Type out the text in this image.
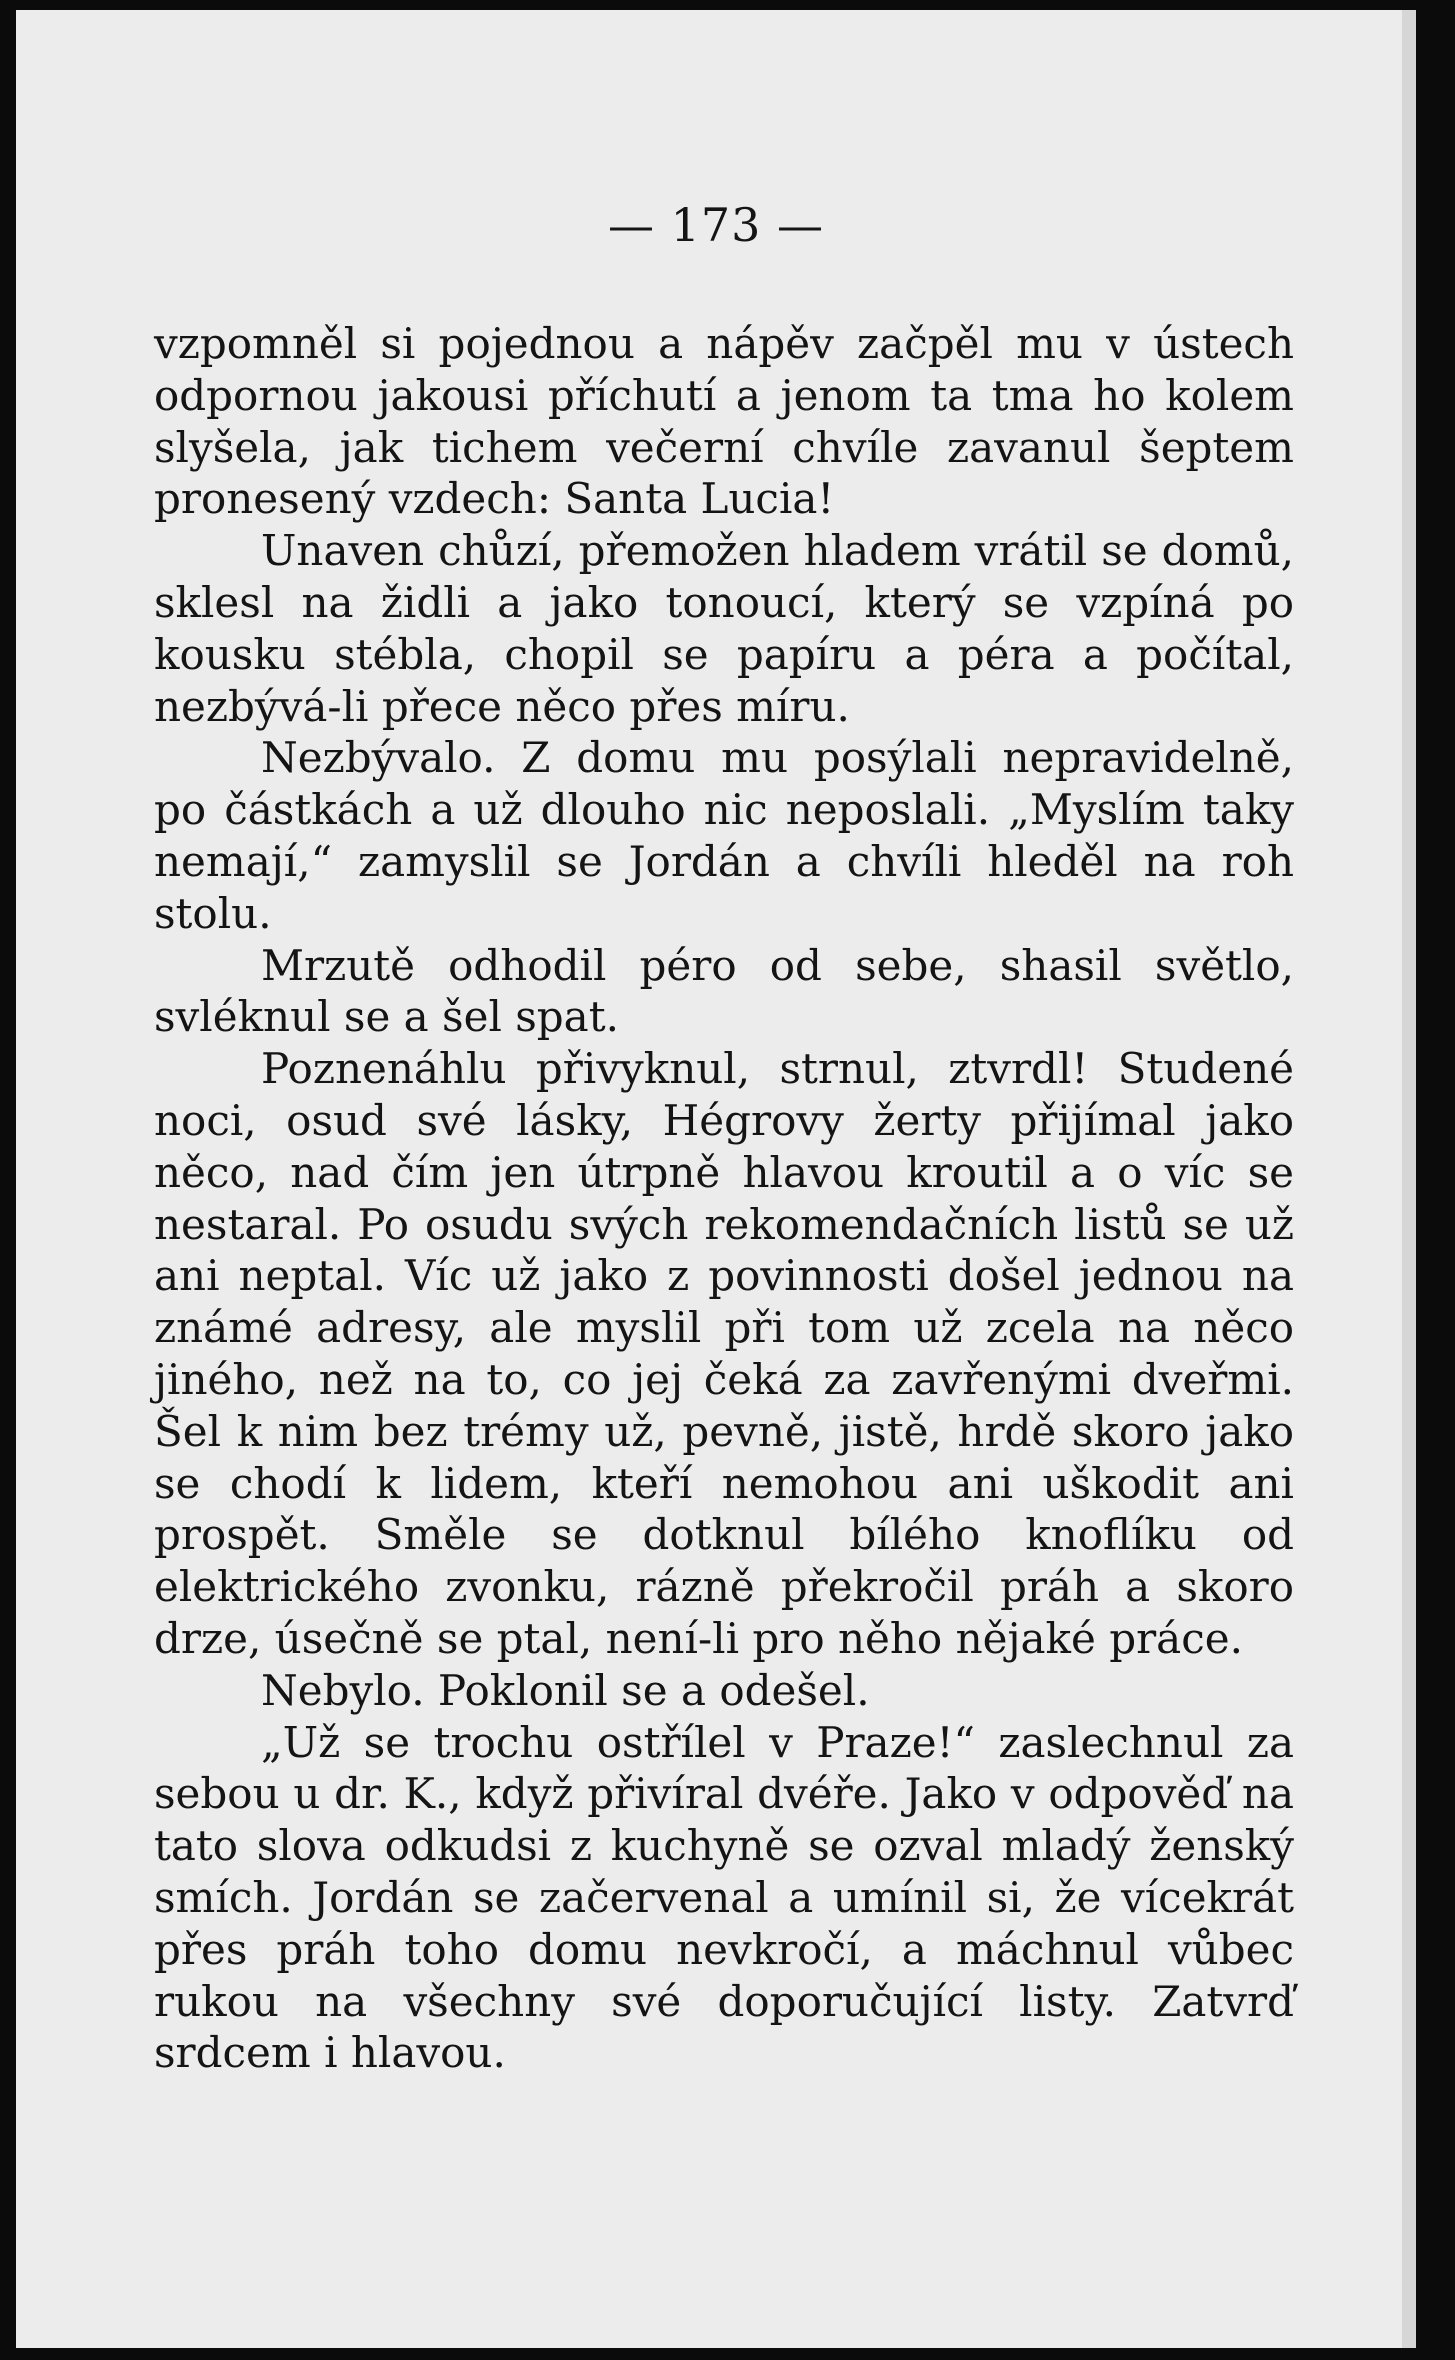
— 173 —

vzpomněl si pojednou a nápěv začpěl mu v ústech odpornou jakousi příchutí a jenom ta tma ho kolem slyšela, jak tichem večerní chvíle zavanul šeptem pronesený vzdech: Santa Lucia!

Unaven chůzí, přemožen hladem vrátil se domů, sklesl na židli a jako tonoucí, který se vzpíná po kousku stébla, chopil se papíru a péra a počítal, nezbývá-li přece něco přes míru.

Nezbývalo. Z domu mu posýlali nepravidelně, po částkách a už dlouho nic neposlali. „Myslím taky nemají,“ zamyslil se Jordán a chvíli hleděl na roh stolu.

Mrzutě odhodil péro od sebe, shasil světlo, svléknul se a šel spat.

Poznenáhlu přivyknul, strnul, ztvrdl! Studené noci, osud své lásky, Hégrovy žerty přijímal jako něco, nad čím jen útrpně hlavou kroutil a o víc se nestaral. Po osudu svých rekomendačních listů se už ani neptal. Víc už jako z povinnosti došel jednou na známé adresy, ale myslil při tom už zcela na něco jiného, než na to, co jej čeká za zavřenými dveřmi. Šel k nim bez trémy už, pevně, jistě, hrdě skoro jako se chodí k lidem, kteří nemohou ani uškodit ani prospět. Směle se dotknul bílého knoflíku od elektrického zvonku, rázně překročil práh a skoro drze, úsečně se ptal, není-li pro něho nějaké práce.

Nebylo. Poklonil se a odešel.

„Už se trochu ostřílel v Praze!“ zaslechnul za sebou u dr. K., když přivíral dvéře. Jako v odpověď na tato slova odkudsi z kuchyně se ozval mladý ženský smích. Jordán se začervenal a umínil si, že vícekrát přes práh toho domu nevkročí, a máchnul vůbec rukou na všechny své doporučující listy. Zatvrď srdcem i hlavou.
